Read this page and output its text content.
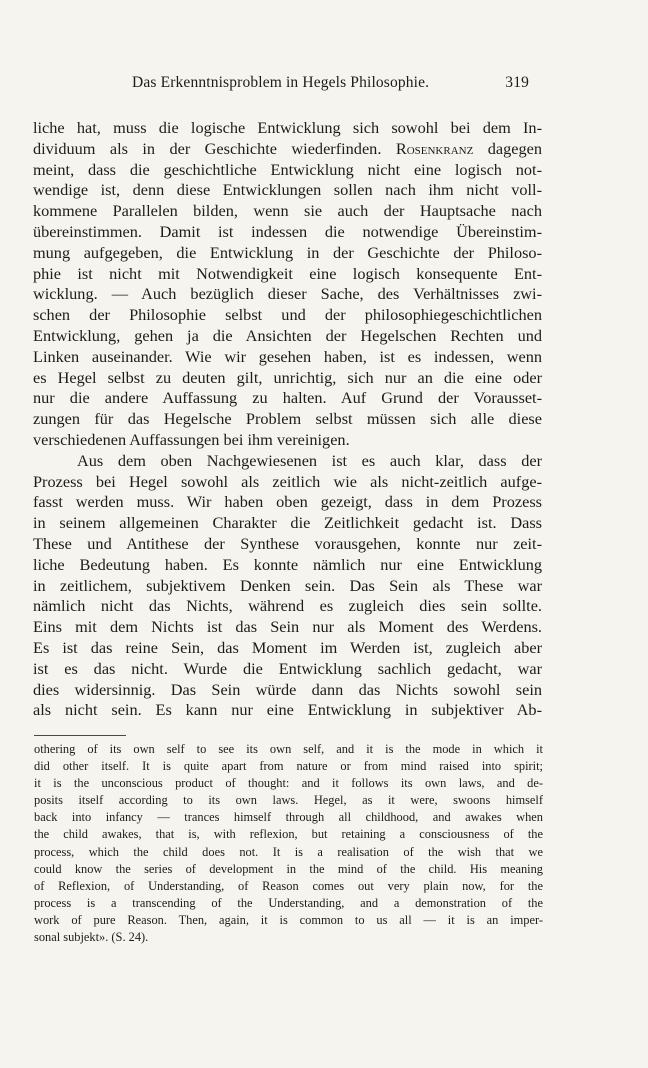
Das Erkenntnisproblem in Hegels Philosophie.	319
liche hat, muss die logische Entwicklung sich sowohl bei dem In-
dividuum als in der Geschichte wiederfinden. Rosenkranz dagegen
meint, dass die geschichtliche Entwicklung nicht eine logisch not-
wendige ist, denn diese Entwicklungen sollen nach ihm nicht voll-
kommene Parallelen bilden, wenn sie auch der Hauptsache nach
übereinstimmen. Damit ist indessen die notwendige Übereinstim-
mung aufgegeben, die Entwicklung in der Geschichte der Philoso-
phie ist nicht mit Notwendigkeit eine logisch konsequente Ent-
wicklung. — Auch bezüglich dieser Sache, des Verhältnisses zwi-
schen der Philosophie selbst und der philosophiegeschichtlichen
Entwicklung, gehen ja die Ansichten der Hegelschen Rechten und
Linken auseinander. Wie wir gesehen haben, ist es indessen, wenn
es Hegel selbst zu deuten gilt, unrichtig, sich nur an die eine oder
nur die andere Auffassung zu halten. Auf Grund der Vorausset-
zungen für das Hegelsche Problem selbst müssen sich alle diese
verschiedenen Auffassungen bei ihm vereinigen.
Aus dem oben Nachgewiesenen ist es auch klar, dass der
Prozess bei Hegel sowohl als zeitlich wie als nicht-zeitlich aufge-
fasst werden muss. Wir haben oben gezeigt, dass in dem Prozess
in seinem allgemeinen Charakter die Zeitlichkeit gedacht ist. Dass
These und Antithese der Synthese vorausgehen, konnte nur zeit-
liche Bedeutung haben. Es konnte nämlich nur eine Entwicklung
in zeitlichem, subjektivem Denken sein. Das Sein als These war
nämlich nicht das Nichts, während es zugleich dies sein sollte.
Eins mit dem Nichts ist das Sein nur als Moment des Werdens.
Es ist das reine Sein, das Moment im Werden ist, zugleich aber
ist es das nicht. Wurde die Entwicklung sachlich gedacht, war
dies widersinnig. Das Sein würde dann das Nichts sowohl sein
als nicht sein. Es kann nur eine Entwicklung in subjektiver Ab-
othering of its own self to see its own self, and it is the mode in which it
did other itself. It is quite apart from nature or from mind raised into spirit;
it is the unconscious product of thought: and it follows its own laws, and de-
posits itself according to its own laws. Hegel, as it were, swoons himself
back into infancy — trances himself through all childhood, and awakes when
the child awakes, that is, with reflexion, but retaining a consciousness of the
process, which the child does not. It is a realisation of the wish that we
could know the series of development in the mind of the child. His meaning
of Reflexion, of Understanding, of Reason comes out very plain now, for the
process is a transcending of the Understanding, and a demonstration of the
work of pure Reason. Then, again, it is common to us all — it is an imper-
sonal subjekt». (S. 24).
